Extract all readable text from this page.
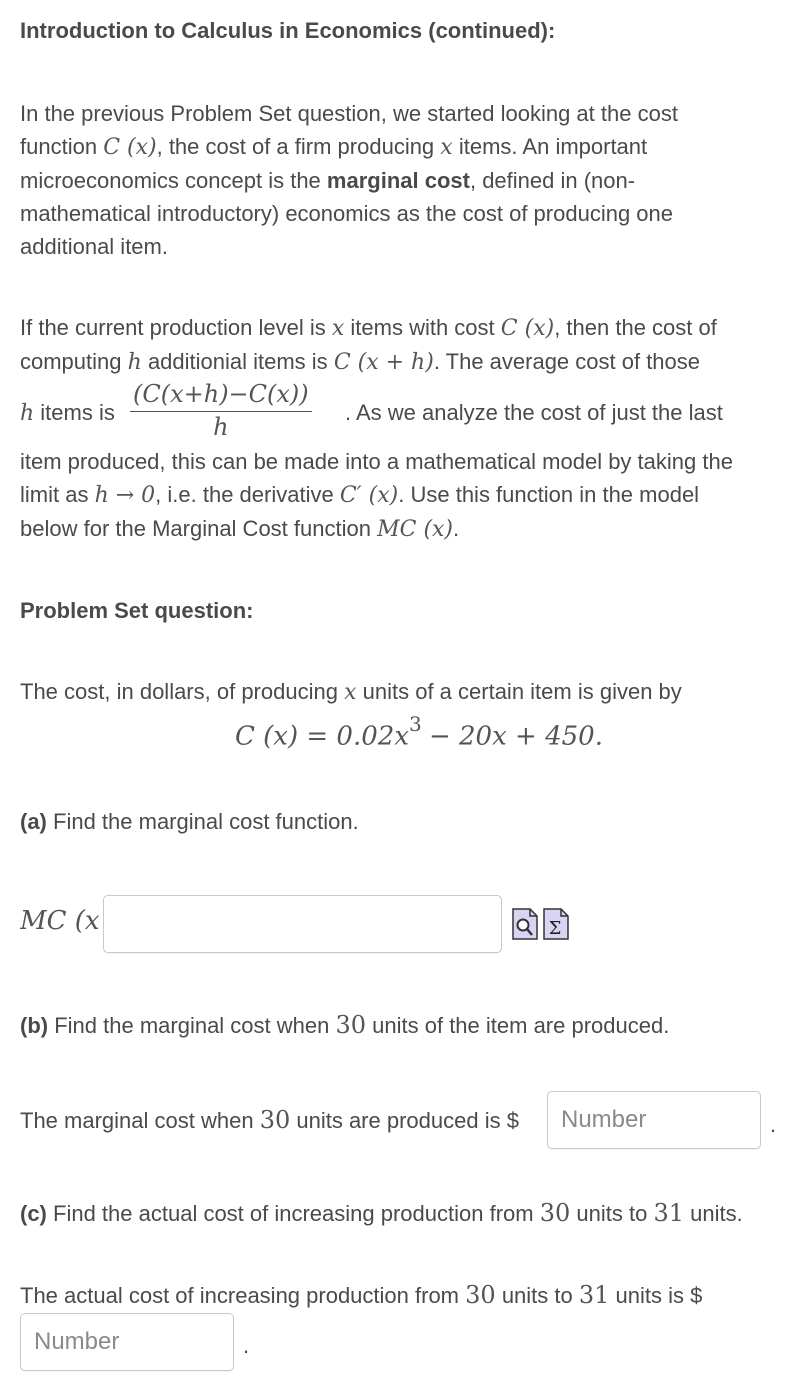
Introduction to Calculus in Economics (continued):
In the previous Problem Set question, we started looking at the cost
function C (x), the cost of a firm producing x items. An important
microeconomics concept is the marginal cost, defined in (non-
mathematical introductory) economics as the cost of producing one
additional item.
If the current production level is x items with cost C (x), then the cost of
computing h additionial items is C (x + h). The average cost of those
h items is $\frac{(C(x+h)-C(x))}{h}$ . As we analyze the cost of just the last
item produced, this can be made into a mathematical model by taking the
limit as h → 0, i.e. the derivative C′ (x). Use this function in the model
below for the Marginal Cost function MC (x).
Problem Set question:
The cost, in dollars, of producing x units of a certain item is given by
C $(x) = 0.02x^3 - 20x + 450$.
(a) Find the marginal cost function.
MC (x	Σ
(b) Find the marginal cost when 30 units of the item are produced.
The marginal cost when 30 units are produced is $
Number	.
(c) Find the actual cost of increasing production from 30 units to 31 units.
The actual cost of increasing production from 30 units to 31 units is $
Number
.
